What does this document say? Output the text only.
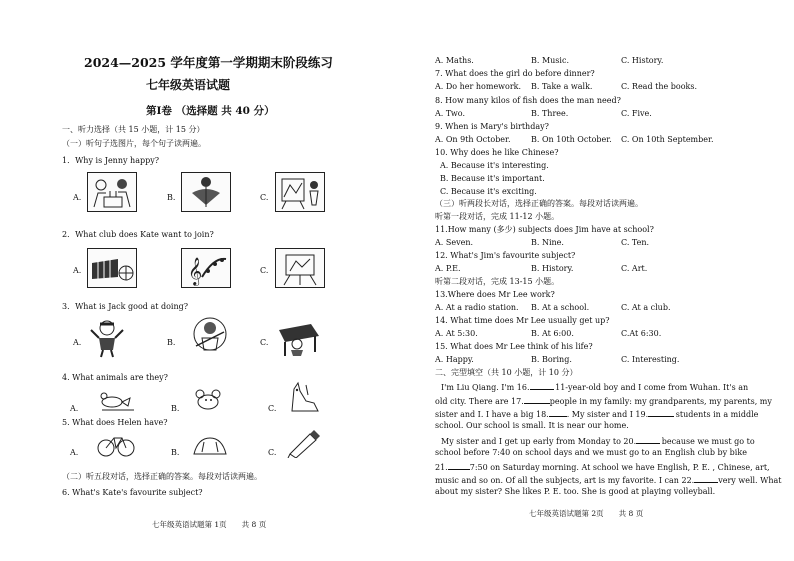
2024—2025 学年度第一学期期末阶段练习
七年级英语试题
第Ⅰ卷 （选择题 共 40 分）
一、听力选择（共 15 小题，计 15 分）
（一）听句子选图片，每个句子读两遍。
1．Why is Jenny happy?
A.	B.	C.
2．What club does Kate want to join?
A.	𝄞	C.
3．What is Jack good at doing?
A.	B.	C.
4. What animals are they?
A.	B.	C.
5. What does Helen have?
A.	B.	C.
（二）听五段对话，选择正确的答案。每段对话读两遍。
6. What's Kate's favourite subject?
七年级英语试题第 1页　　共 8 页
A. Maths.	B. Music.	C. History.
7. What does the girl do before dinner?
A. Do her homework. B. Take a walk.	C. Read the books.
8. How many kilos of fish does the man need?
A. Two.	B. Three.	C. Five.
9. When is Mary's birthday?
A. On 9th October.	B. On 10th October. C. On 10th September.
10. Why does he like Chinese?
A. Because it's interesting.
B. Because it's important.
C. Because it's exciting.
（三）听两段长对话，选择正确的答案。每段对话读两遍。
听第一段对话，完成 11-12 小题。
11.How many (多少) subjects does Jim have at school?
A. Seven.	B. Nine.	C. Ten.
12. What's Jim's favourite subject?
A. P.E.	B. History.	C. Art.
听第二段对话，完成 13-15 小题。
13.Where does Mr Lee work?
A. At a radio station. B. At a school.	C. At a club.
14. What time does Mr Lee usually get up?
A. At 5:30.	B. At 6:00.	C.At 6:30.
15. What does Mr Lee think of his life?
A. Happy.	B. Boring.	C. Interesting.
二、完型填空（共 10 小题，计 10 分）
I'm Liu Qiang. I'm 16. 	11-year-old boy and I come from Wuhan. It's an
old city. There are 17.	people in my family: my grandparents, my parents, my
sister and I. I have a big 18. . My sister and I 19. 	students in a middle
school. Our school is small. It is near our home.
My sister and I get up early from Monday to 20. 	because we must go to
school before 7:40 on school days and we must go to an English club by bike
21.	7:50 on Saturday morning. At school we have English, P. E. , Chinese, art,
music and so on. Of all the subjects, art is my favorite. I can 22.	very well. What
about my sister? She likes P. E. too. She is good at playing volleyball.
七年级英语试题第 2页　　共 8 页
